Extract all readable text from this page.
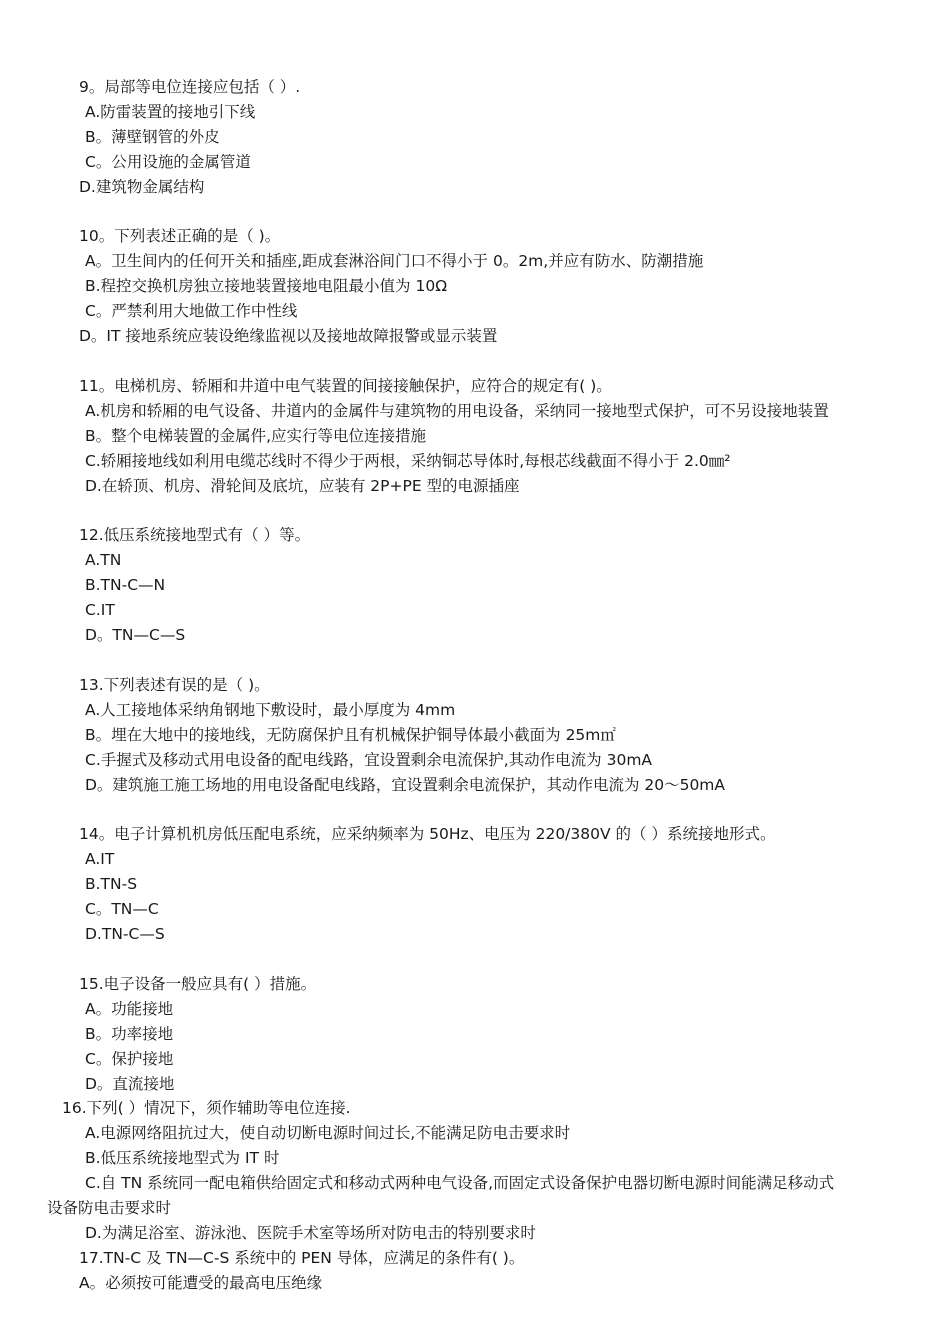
9。局部等电位连接应包括（ ）.
A.防雷装置的接地引下线
B。薄壁钢管的外皮
C。公用设施的金属管道
D.建筑物金属结构
10。下列表述正确的是（ )。
A。卫生间内的任何开关和插座,距成套淋浴间门口不得小于 0。2m,并应有防水、防潮措施
B.程控交换机房独立接地装置接地电阻最小值为 10Ω
C。严禁利用大地做工作中性线
D。IT 接地系统应装设绝缘监视以及接地故障报警或显示装置
11。电梯机房、轿厢和井道中电气装置的间接接触保护，应符合的规定有( )。
A.机房和轿厢的电气设备、井道内的金属件与建筑物的用电设备，采纳同一接地型式保护，可不另设接地装置
B。整个电梯装置的金属件,应实行等电位连接措施
C.轿厢接地线如利用电缆芯线时不得少于两根，采纳铜芯导体时,每根芯线截面不得小于 2.0㎜²
D.在轿顶、机房、滑轮间及底坑，应装有 2P+PE 型的电源插座
12.低压系统接地型式有（ ）等。
A.TN
B.TN-C—N
C.IT
D。TN—C—S
13.下列表述有误的是（ )。
A.人工接地体采纳角钢地下敷设时，最小厚度为 4mm
B。埋在大地中的接地线，无防腐保护且有机械保护铜导体最小截面为 25m㎡
C.手握式及移动式用电设备的配电线路，宜设置剩余电流保护,其动作电流为 30mA
D。建筑施工施工场地的用电设备配电线路，宜设置剩余电流保护，其动作电流为 20～50mA
14。电子计算机机房低压配电系统，应采纳频率为 50Hz、电压为 220/380V 的（ ）系统接地形式。
A.IT
B.TN-S
C。TN—C
D.TN-C—S
15.电子设备一般应具有( ）措施。
A。功能接地
B。功率接地
C。保护接地
D。直流接地
16.下列( ）情况下，须作辅助等电位连接.
A.电源网络阻抗过大，使自动切断电源时间过长,不能满足防电击要求时
B.低压系统接地型式为 IT 时
C.自 TN 系统同一配电箱供给固定式和移动式两种电气设备,而固定式设备保护电器切断电源时间能满足移动式
设备防电击要求时
D.为满足浴室、游泳池、医院手术室等场所对防电击的特别要求时
17.TN-C 及 TN—C-S 系统中的 PEN 导体，应满足的条件有( )。
A。必须按可能遭受的最高电压绝缘
